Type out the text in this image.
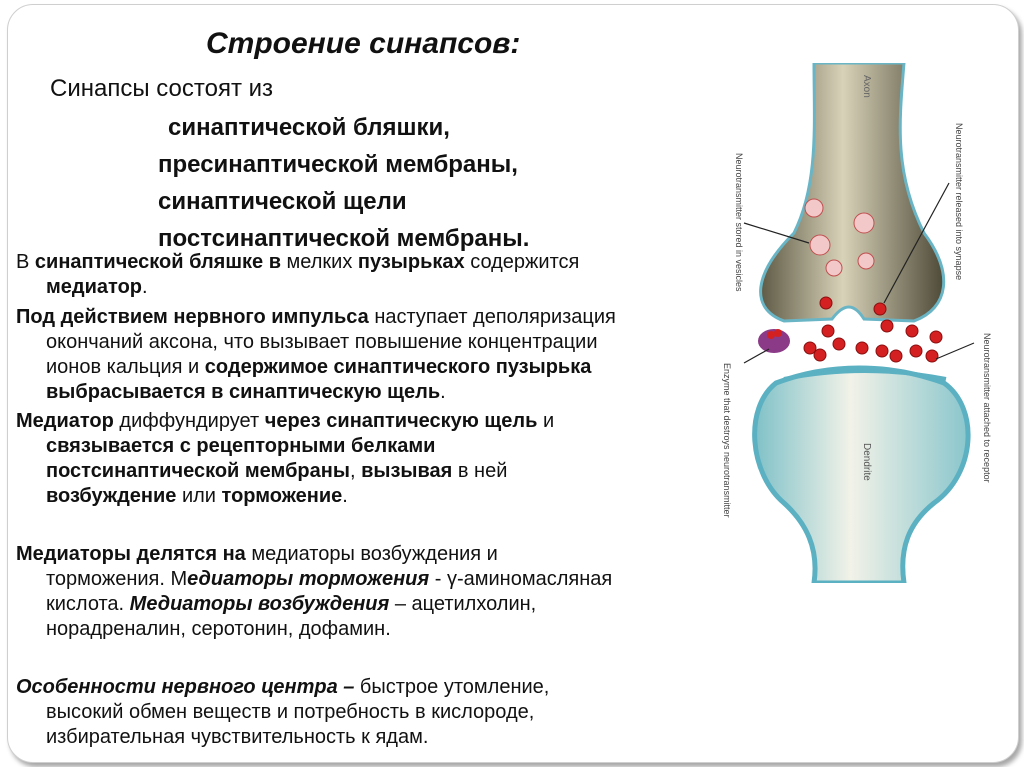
Строение синапсов:
Синапсы состоят из
синаптической бляшки,
пресинаптической мембраны,
синаптической щели
постсинаптической мембраны.
В синаптической бляшке в мелких пузырьках содержится
медиатор.
Под действием нервного импульса наступает деполяризация
окончаний аксона, что вызывает повышение концентрации
ионов кальция и содержимое синаптического пузырька
выбрасывается в синаптическую щель.
Медиатор диффундирует через синаптическую щель и
связывается с рецепторными белками
постсинаптической мембраны, вызывая в ней
возбуждение или торможение.
Медиаторы делятся на медиаторы возбуждения и
торможения. Медиаторы торможения - γ-аминомасляная
кислота. Медиаторы возбуждения – ацетилхолин,
норадреналин, серотонин, дофамин.
Особенности нервного центра – быстрое утомление,
высокий обмен веществ и потребность в кислороде,
избирательная чувствительность к ядам.
Axon
Dendrite
Neurotransmitter stored in vesicles	Neurotransmitter released into synapse
Neurotransmitter attached to receptor
Enzyme that destroys neurotransmitter
